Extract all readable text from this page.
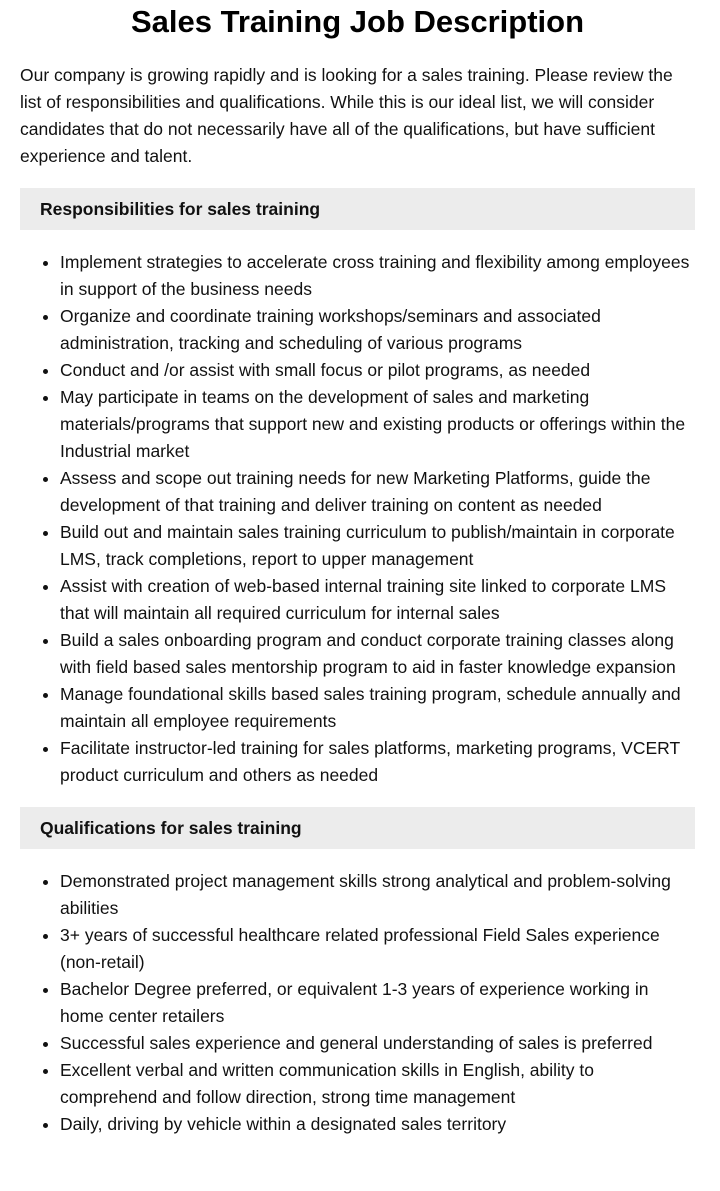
Sales Training Job Description

Our company is growing rapidly and is looking for a sales training. Please review the list of responsibilities and qualifications. While this is our ideal list, we will consider candidates that do not necessarily have all of the qualifications, but have sufficient experience and talent.

Responsibilities for sales training
• Implement strategies to accelerate cross training and flexibility among employees in support of the business needs
• Organize and coordinate training workshops/seminars and associated administration, tracking and scheduling of various programs
• Conduct and /or assist with small focus or pilot programs, as needed
• May participate in teams on the development of sales and marketing materials/programs that support new and existing products or offerings within the Industrial market
• Assess and scope out training needs for new Marketing Platforms, guide the development of that training and deliver training on content as needed
• Build out and maintain sales training curriculum to publish/maintain in corporate LMS, track completions, report to upper management
• Assist with creation of web-based internal training site linked to corporate LMS that will maintain all required curriculum for internal sales
• Build a sales onboarding program and conduct corporate training classes along with field based sales mentorship program to aid in faster knowledge expansion
• Manage foundational skills based sales training program, schedule annually and maintain all employee requirements
• Facilitate instructor-led training for sales platforms, marketing programs, VCERT product curriculum and others as needed
Qualifications for sales training
• Demonstrated project management skills strong analytical and problem-solving abilities
• 3+ years of successful healthcare related professional Field Sales experience (non-retail)
• Bachelor Degree preferred, or equivalent 1-3 years of experience working in home center retailers
• Successful sales experience and general understanding of sales is preferred
• Excellent verbal and written communication skills in English, ability to comprehend and follow direction, strong time management
• Daily, driving by vehicle within a designated sales territory
